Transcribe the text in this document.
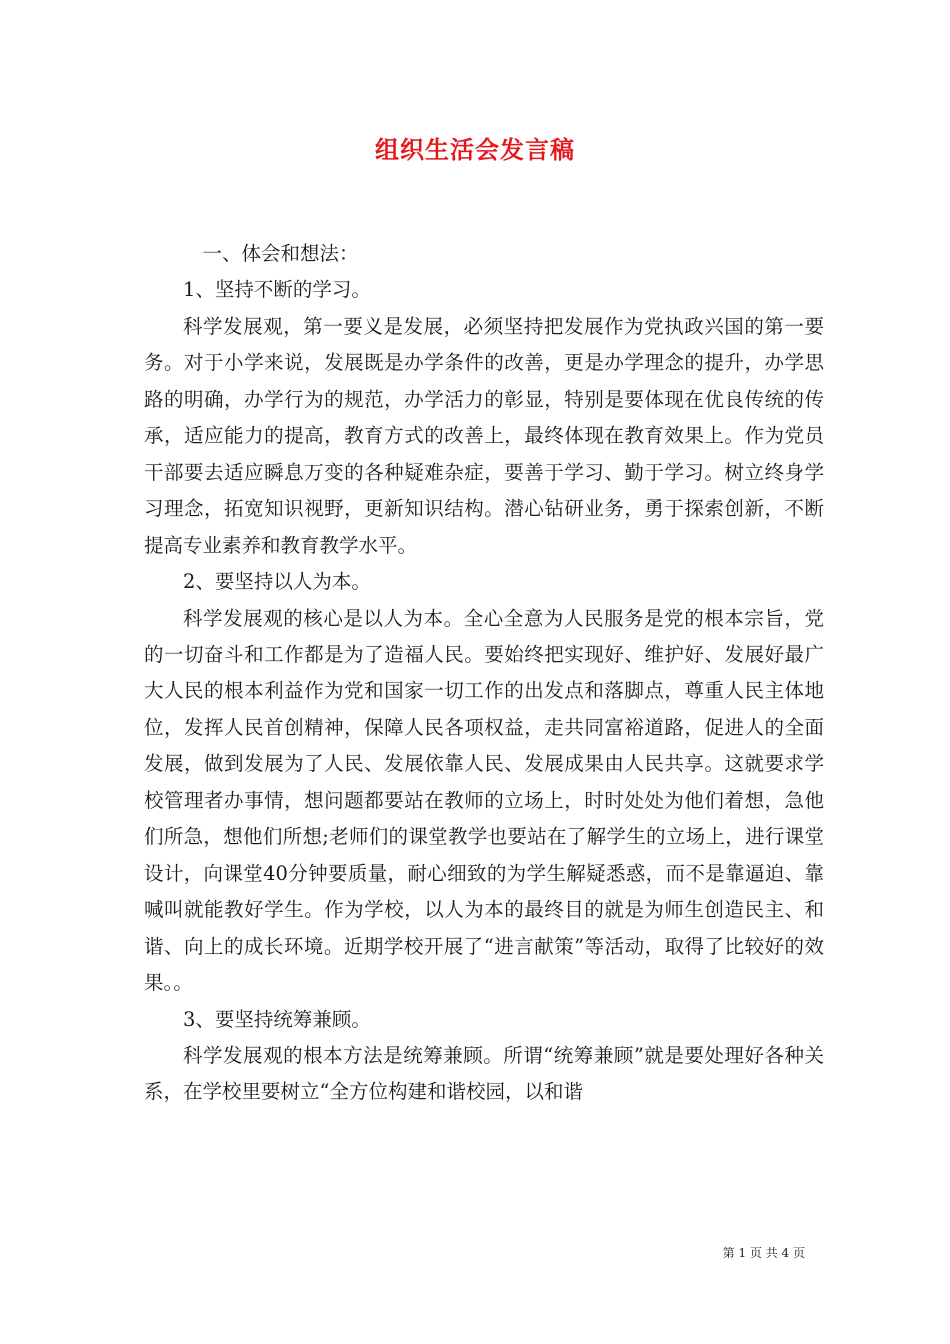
组织生活会发言稿

一、体会和想法：

1、坚持不断的学习。

科学发展观，第一要义是发展，必须坚持把发展作为党执政兴国的第一要务。对于小学来说，发展既是办学条件的改善，更是办学理念的提升，办学思路的明确，办学行为的规范，办学活力的彰显，特别是要体现在优良传统的传承，适应能力的提高，教育方式的改善上，最终体现在教育效果上。作为党员干部要去适应瞬息万变的各种疑难杂症，要善于学习、勤于学习。树立终身学习理念，拓宽知识视野，更新知识结构。潜心钻研业务，勇于探索创新，不断提高专业素养和教育教学水平。

2、要坚持以人为本。

科学发展观的核心是以人为本。全心全意为人民服务是党的根本宗旨，党的一切奋斗和工作都是为了造福人民。要始终把实现好、维护好、发展好最广大人民的根本利益作为党和国家一切工作的出发点和落脚点，尊重人民主体地位，发挥人民首创精神，保障人民各项权益，走共同富裕道路，促进人的全面发展，做到发展为了人民、发展依靠人民、发展成果由人民共享。这就要求学校管理者办事情，想问题都要站在教师的立场上，时时处处为他们着想，急他们所急，想他们所想;老师们的课堂教学也要站在了解学生的立场上，进行课堂设计，向课堂40分钟要质量，耐心细致的为学生解疑悉惑，而不是靠逼迫、靠喊叫就能教好学生。作为学校，以人为本的最终目的就是为师生创造民主、和谐、向上的成长环境。近期学校开展了“进言献策”等活动，取得了比较好的效果。。

3、要坚持统筹兼顾。

科学发展观的根本方法是统筹兼顾。所谓“统筹兼顾”就是要处理好各种关系，在学校里要树立“全方位构建和谐校园，以和谐

第 1 页 共 4 页
